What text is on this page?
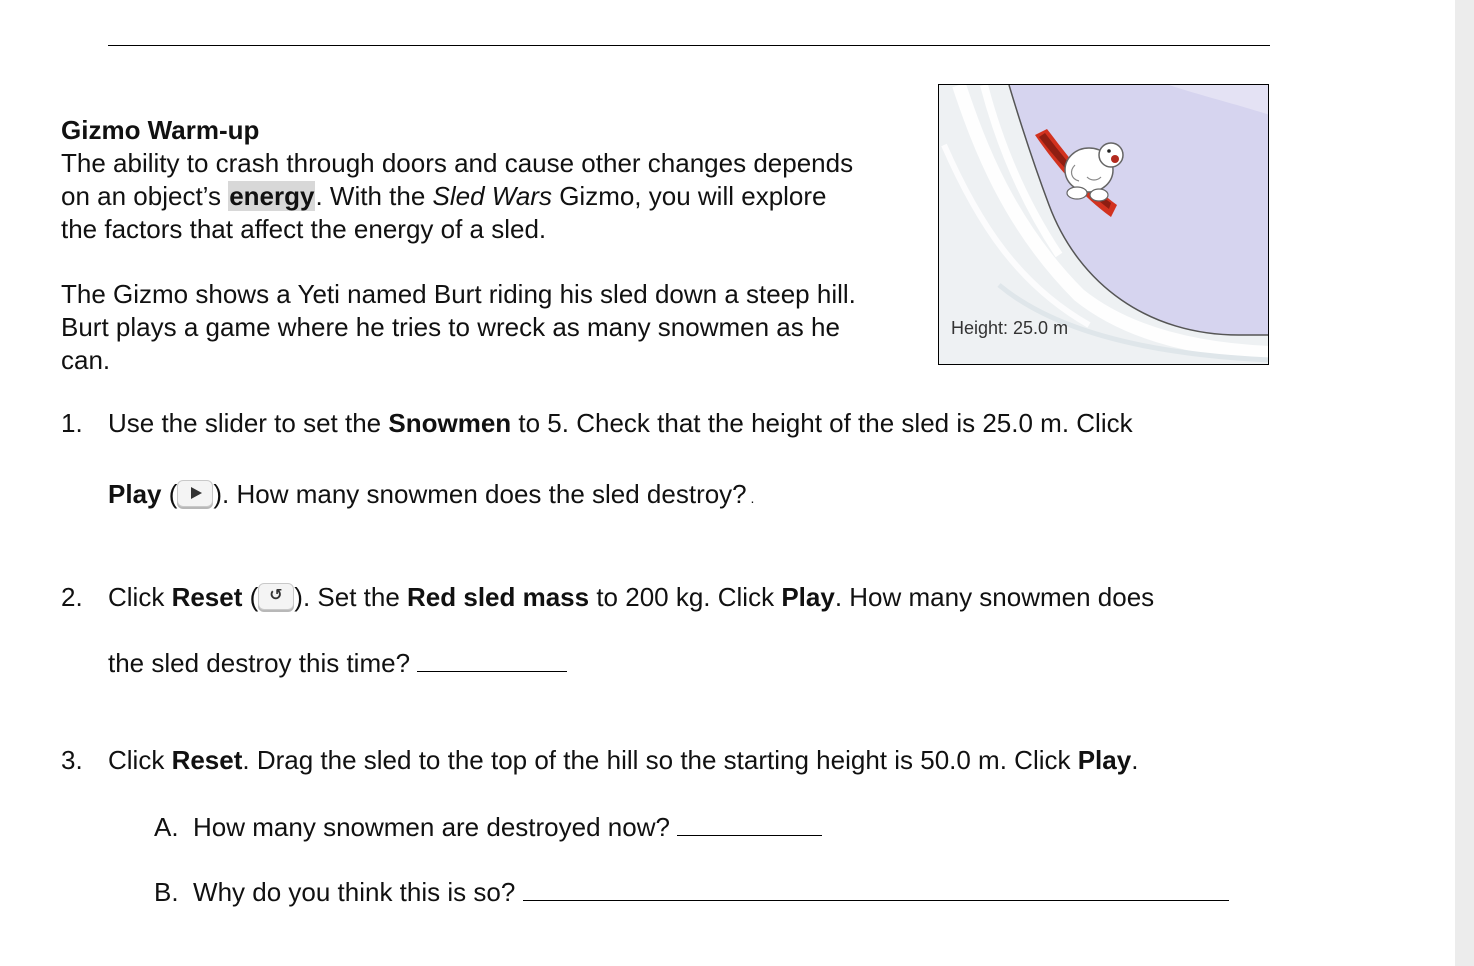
Gizmo Warm-up

The ability to crash through doors and cause other changes depends on an object’s energy. With the Sled Wars Gizmo, you will explore the factors that affect the energy of a sled.

The Gizmo shows a Yeti named Burt riding his sled down a steep hill. Burt plays a game where he tries to wreck as many snowmen as he can.

Height: 25.0 m
1. Use the slider to set the Snowmen to 5. Check that the height of the sled is 25.0 m. Click
Play ( ). How many snowmen does the sled destroy? .
2. Click Reset ( ↺ ). Set the Red sled mass to 200 kg. Click Play. How many snowmen does
the sled destroy this time?
3. Click Reset. Drag the sled to the top of the hill so the starting height is 50.0 m. Click Play.
A. How many snowmen are destroyed now?
B. Why do you think this is so?
